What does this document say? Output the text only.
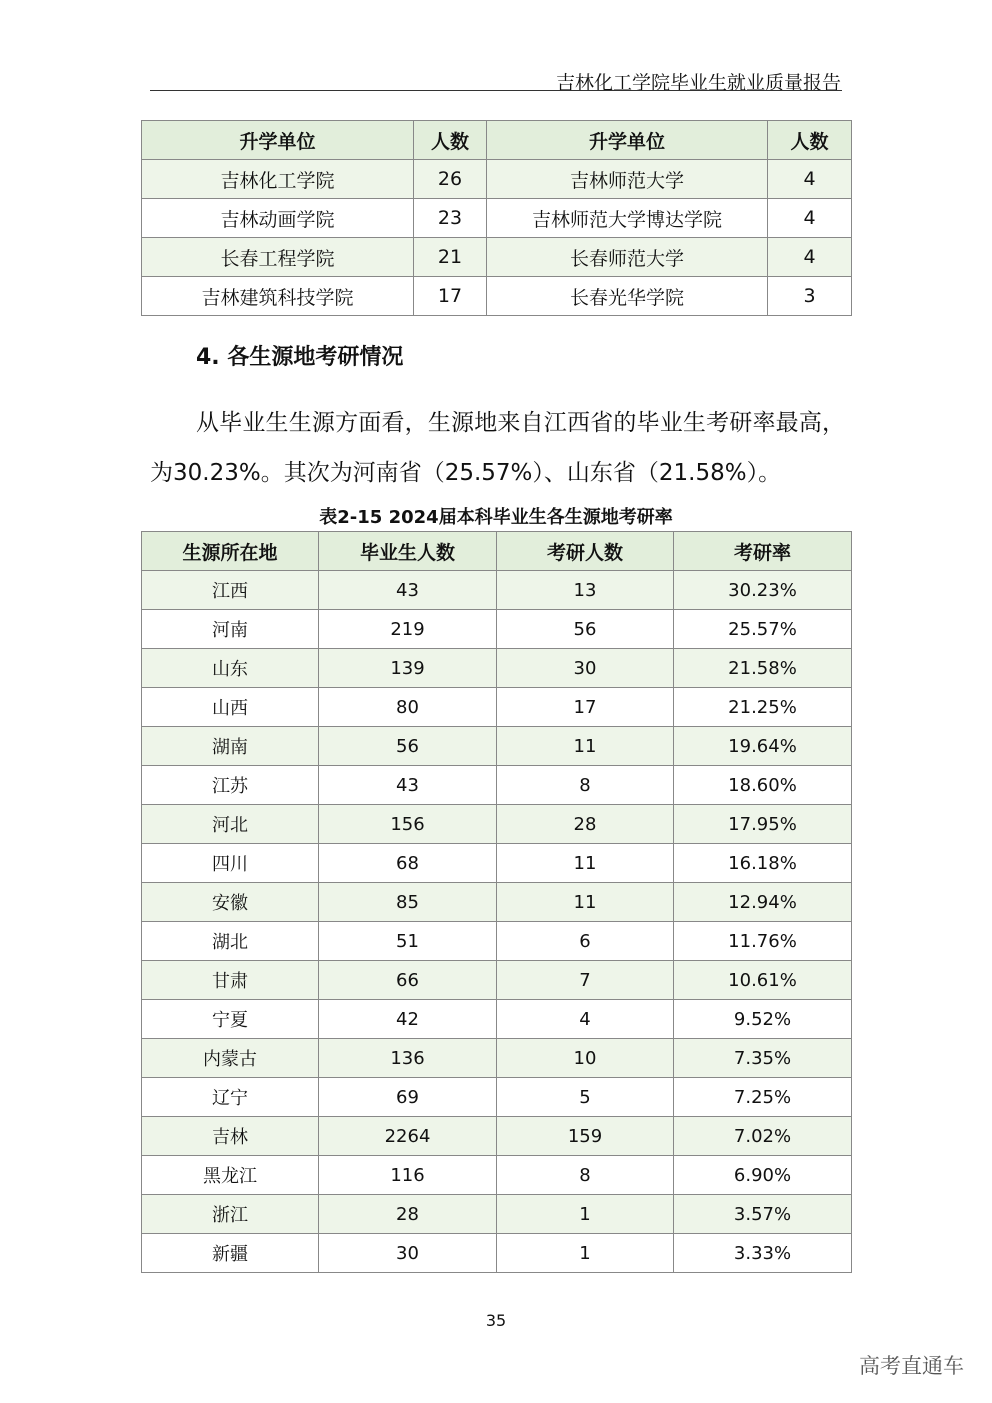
吉林化工学院毕业生就业质量报告
升学单位	人数	升学单位	人数
吉林化工学院	26	吉林师范大学	4
吉林动画学院	23	吉林师范大学博达学院	4
长春工程学院	21	长春师范大学	4
吉林建筑科技学院	17	长春光华学院	3
4. 各生源地考研情况
从毕业生生源方面看，生源地来自江西省的毕业生考研率最高，为30.23%。其次为河南省（25.57%）、山东省（21.58%）。
表2-15 2024届本科毕业生各生源地考研率
生源所在地	毕业生人数	考研人数	考研率
江西	43	13	30.23%
河南	219	56	25.57%
山东	139	30	21.58%
山西	80	17	21.25%
湖南	56	11	19.64%
江苏	43	8	18.60%
河北	156	28	17.95%
四川	68	11	16.18%
安徽	85	11	12.94%
湖北	51	6	11.76%
甘肃	66	7	10.61%
宁夏	42	4	9.52%
内蒙古	136	10	7.35%
辽宁	69	5	7.25%
吉林	2264	159	7.02%
黑龙江	116	8	6.90%
浙江	28	1	3.57%
新疆	30	1	3.33%
35
高考直通车
